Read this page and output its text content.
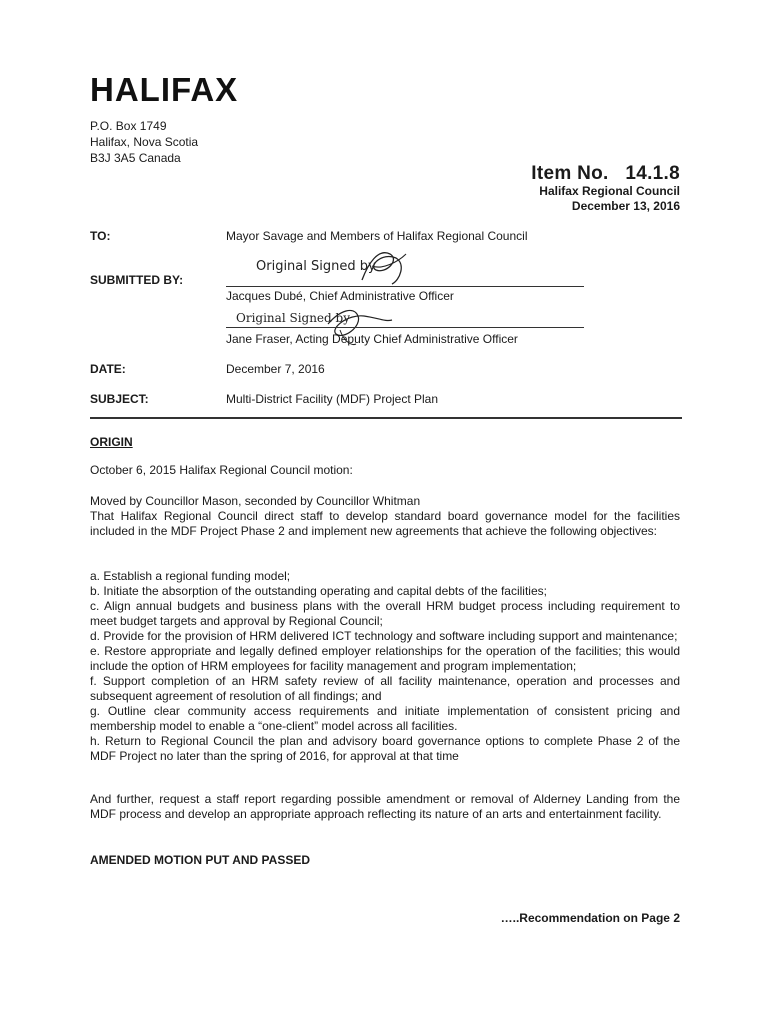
HALIFAX
P.O. Box 1749
Halifax, Nova Scotia
B3J 3A5 Canada
Item No.   14.1.8
Halifax Regional Council
December 13, 2016
TO:	Mayor Savage and Members of Halifax Regional Council
SUBMITTED BY:
Original Signed by
Jacques Dubé, Chief Administrative Officer
Original Signed by
Jane Fraser, Acting Deputy Chief Administrative Officer
DATE:	December 7, 2016
SUBJECT:	Multi-District Facility (MDF) Project Plan
ORIGIN
October 6, 2015 Halifax Regional Council motion:
Moved by Councillor Mason, seconded by Councillor Whitman
That Halifax Regional Council direct staff to develop standard board governance model for the facilities included in the MDF Project Phase 2 and implement new agreements that achieve the following objectives:

a. Establish a regional funding model;

b. Initiate the absorption of the outstanding operating and capital debts of the facilities;

c. Align annual budgets and business plans with the overall HRM budget process including requirement to meet budget targets and approval by Regional Council;

d. Provide for the provision of HRM delivered ICT technology and software including support and maintenance;

e. Restore appropriate and legally defined employer relationships for the operation of the facilities; this would include the option of HRM employees for facility management and program implementation;

f. Support completion of an HRM safety review of all facility maintenance, operation and processes and subsequent agreement of resolution of all findings; and

g. Outline clear community access requirements and initiate implementation of consistent pricing and membership model to enable a “one-client” model across all facilities.

h. Return to Regional Council the plan and advisory board governance options to complete Phase 2 of the MDF Project no later than the spring of 2016, for approval at that time

And further, request a staff report regarding possible amendment or removal of Alderney Landing from the MDF process and develop an appropriate approach reflecting its nature of an arts and entertainment facility.
AMENDED MOTION PUT AND PASSED
…..Recommendation on Page 2
